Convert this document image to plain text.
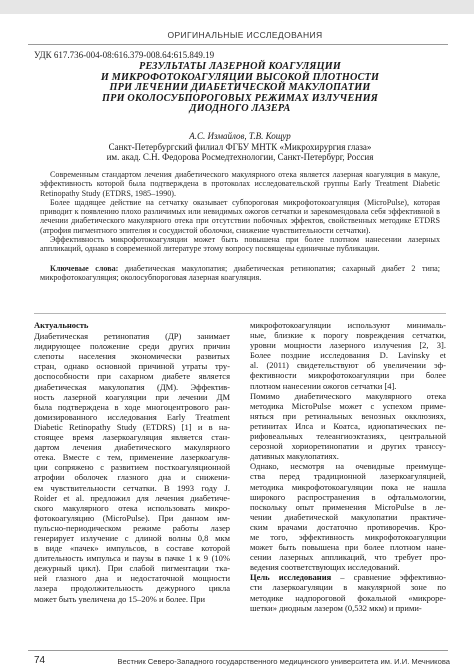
ОРИГИНАЛЬНЫЕ ИССЛЕДОВАНИЯ
УДК 617.736-004-08:616.379-008.64:615.849.19
РЕЗУЛЬТАТЫ ЛАЗЕРНОЙ КОАГУЛЯЦИИ
И МИКРОФОТОКОАГУЛЯЦИИ ВЫСОКОЙ ПЛОТНОСТИ
ПРИ ЛЕЧЕНИИ ДИАБЕТИЧЕСКОЙ МАКУЛОПАТИИ
ПРИ ОКОЛОСУБПОРОГОВЫХ РЕЖИМАХ ИЗЛУЧЕНИЯ
ДИОДНОГО ЛАЗЕРА
А.С. Измайлов, Т.В. Кощур
Санкт-Петербургский филиал ФГБУ МНТК «Микрохирургия глаза»
им. акад. С.Н. Федорова Росмедтехнологии, Санкт-Петербург, Россия

Современным стандартом лечения диабетического макулярного отека является лазерная коагуляция в макуле, эффективность которой была подтверждена в протоколах исследовательской группы Early Treatment Diabetic Retinopathy Study (ETDRS, 1985–1990).

Более щадящее действие на сетчатку оказывает субпороговая микрофотокоагуляция (MicroPulse), которая приводит к появлению плохо различимых или невидимых ожогов сетчатки и зарекомендовала себя эффективной в лечении диабетического макулярного отека при отсутствии побочных эффектов, свойственных методике ETDRS (атрофия пигментного эпителия и сосудистой оболочки, снижение чувствительности сетчатки).

Эффективность микрофотокоагуляции может быть повышена при более плотном нанесении лазерных аппликаций, однако в современной литературе этому вопросу посвящены единичные публикации.

Ключевые слова: диабетическая макулопатия; диабетическая ретинопатия; сахарный диабет 2 типа; микрофотокоагуляция; околосубпороговая лазерная коагуляция.

Актуальность
Диабетическая ретинопатия (ДР) занимает
лидирующее положение среди других причин
слепоты населения экономически развитых
стран, однако основной причиной утраты тру-
доспособности при сахарном диабете является
диабетическая макулопатия (ДМ). Эффектив-
ность лазерной коагуляции при лечении ДМ
была подтверждена в ходе многоцентрового ран-
домизированного исследования Early Treatment
Diabetic Retinopathy Study (ETDRS) [1] и в на-
стоящее время лазеркоагуляция является стан-
дартом лечения диабетического макулярного
отека. Вместе с тем, применение лазеркоагуля-
ции сопряжено с развитием посткоагуляционной
атрофии оболочек глазного дна и снижени-
ем чувствительности сетчатки. В 1993 году J.
Roider et al. предложил для лечения диабетиче-
ского макулярного отека использовать микро-
фотокоагуляцию (MicroPulse). При данном им-
пульсно-периодическом режиме работы лазер
генерирует излучение с длиной волны 0,8 мкм
в виде «пачек» импульсов, в составе которой
длительность импульса и паузы в пачке 1 к 9 (10%
дежурный цикл). При слабой пигментации тка-
ней глазного дна и недостаточной мощности
лазера продолжительность дежурного цикла
может быть увеличена до 15–20% и более. При
микрофотокоагуляции используют минималь-
ные, близкие к порогу повреждения сетчатки,
уровни мощности лазерного излучения [2, 3].
Более поздние исследования D. Lavinsky et
al. (2011) свидетельствуют об увеличении эф-
фективности микрофотокоагуляции при более
плотном нанесении ожогов сетчатки [4].
Помимо диабетического макулярного отека
методика MicroPulse может с успехом приме-
няться при ретинальных венозных окклюзиях,
ретинитах Илса и Коатса, идиопатических пе-
рифовеальных телеангиоэктазиях, центральной
серозной хориоретинопатии и других транссу-
дативных макулопатиях.
Однако, несмотря на очевидные преимуще-
ства перед традиционной лазеркоагуляцией,
методика микрофотокоагуляции пока не нашла
широкого распространения в офтальмологии,
поскольку опыт применения MicroPulse в ле-
чении диабетической макулопатии практиче-
ским врачами достаточно противоречив. Кро-
ме того, эффективность микрофотокоагуляции
может быть повышена при более плотном нане-
сении лазерных аппликаций, что требует про-
ведения соответствующих исследований.
Цель исследования – сравнение эффективно-
сти лазеркоагуляции в макулярной зоне по
методике надпороговой фокальной «микроре-
шетки» диодным лазером (0,532 мкм) и прими-
74	Вестник Северо-Западного государственного медицинского университета им. И.И. Мечникова
